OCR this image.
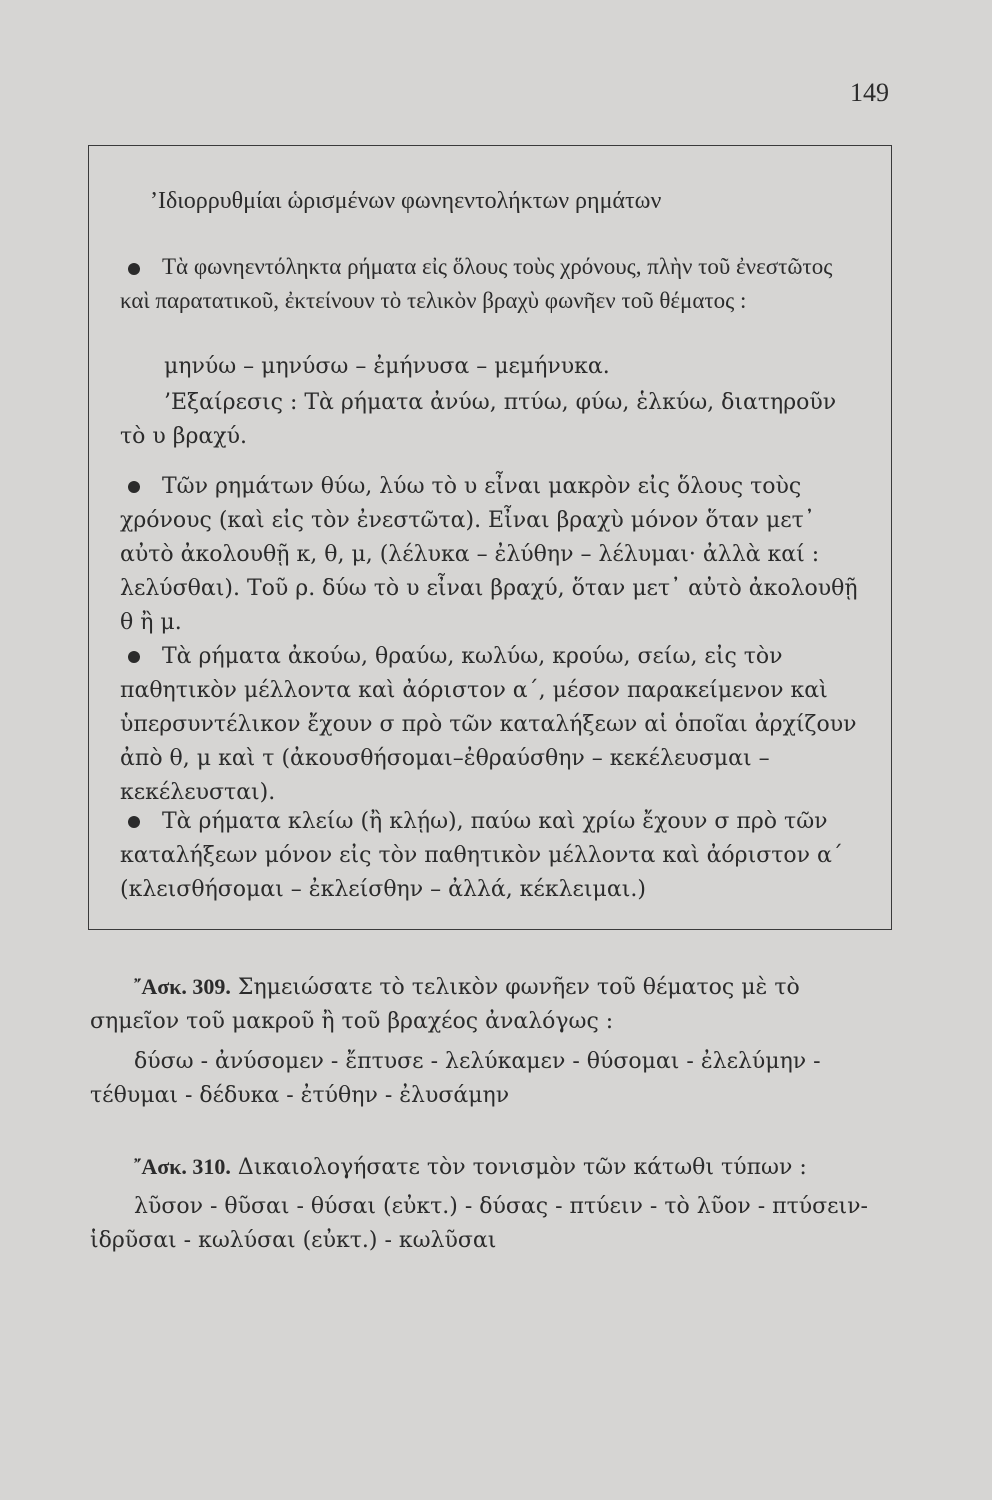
149
’Ιδιορρυθμίαι ὡρισμένων φωνηεντολήκτων ρημάτων

Τὰ φωνηεντόληκτα ρήματα εἰς ὅλους τοὺς χρόνους, πλὴν τοῦ ἐνεστῶτος καὶ παρατατικοῦ, ἐκτείνουν τὸ τελικὸν βραχὺ φωνῆεν τοῦ θέματος :

μηνύω – μηνύσω – ἐμήνυσα – μεμήνυκα.

’Εξαίρεσις : Τὰ ρήματα ἀνύω, πτύω, φύω, ἑλκύω, διατηροῦν τὸ υ βραχύ.

Τῶν ρημάτων θύω, λύω τὸ υ εἶναι μακρὸν εἰς ὅλους τοὺς χρόνους (καὶ εἰς τὸν ἐνεστῶτα). Εἶναι βραχὺ μόνον ὅταν μετ᾽ αὐτὸ ἀκολουθῇ κ, θ, μ, (λέλυκα – ἐλύθην – λέλυμαι· ἀλλὰ καί : λελύσθαι). Τοῦ ρ. δύω τὸ υ εἶναι βραχύ, ὅταν μετ᾽ αὐτὸ ἀκολουθῇ θ ἢ μ.

Τὰ ρήματα ἀκούω, θραύω, κωλύω, κρούω, σείω, εἰς τὸν παθητικὸν μέλλοντα καὶ ἀόριστον α΄, μέσον παρακείμενον καὶ ὑπερσυντέλικον ἔχουν σ πρὸ τῶν καταλήξεων αἱ ὁποῖαι ἀρχίζουν ἀπὸ θ, μ καὶ τ (ἀκουσθήσομαι–ἐθραύσθην – κεκέλευσμαι – κεκέλευσται).

Τὰ ρήματα κλείω (ἢ κλῄω), παύω καὶ χρίω ἔχουν σ πρὸ τῶν καταλήξεων μόνον εἰς τὸν παθητικὸν μέλλοντα καὶ ἀόριστον α΄ (κλεισθήσομαι – ἐκλείσθην – ἀλλά, κέκλειμαι.)

῎Ασκ. 309. Σημειώσατε τὸ τελικὸν φωνῆεν τοῦ θέματος μὲ τὸ σημεῖον τοῦ μακροῦ ἢ τοῦ βραχέος ἀναλόγως :

δύσω - ἀνύσομεν - ἔπτυσε - λελύκαμεν - θύσομαι - ἐλελύμην - τέθυμαι - δέδυκα - ἐτύθην - ἐλυσάμην

῎Ασκ. 310. Δικαιολογήσατε τὸν τονισμὸν τῶν κάτωθι τύπων :

λῦσον - θῦσαι - θύσαι (εὐκτ.) - δύσας - πτύειν - τὸ λῦον - πτύσειν- ἱδρῦσαι - κωλύσαι (εὐκτ.) - κωλῦσαι
